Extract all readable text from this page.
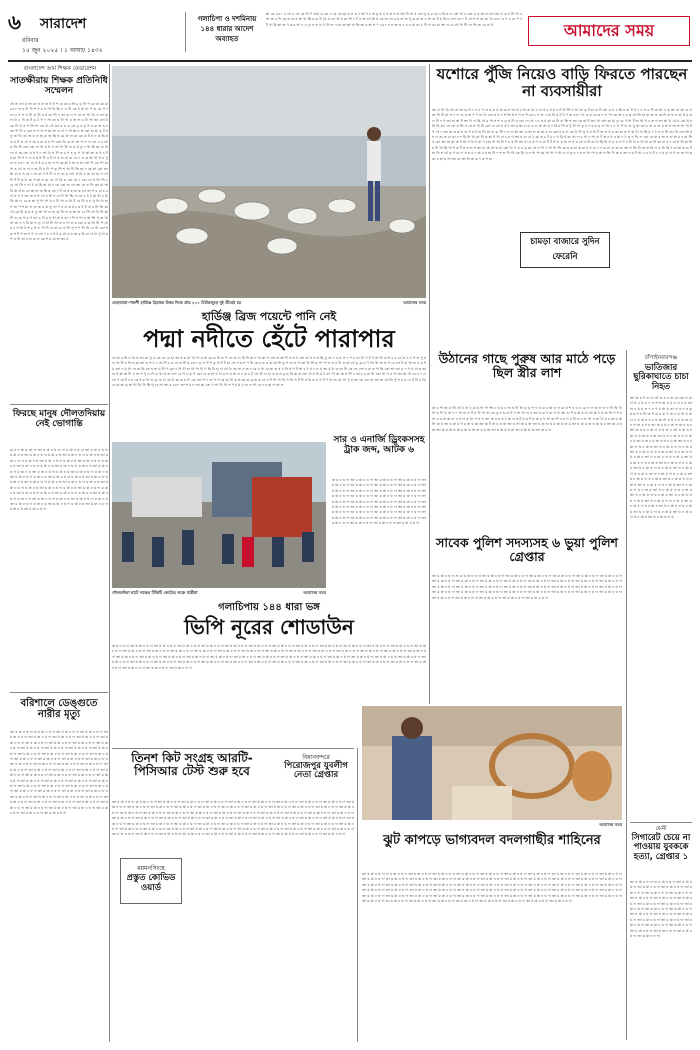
৬ সারাদেশ
রবিবার
১৫ জুন ২০২৫ । ১ আষাঢ় ১৪৩২
গলাচিপা ও দশমিনায়
১৪৪ ধারার আদেশ
অব্যাহত
ঙ্কা কে ৪৪০ ব সে ৪ সে কে ধা ণ ওয়া ও কে এ মে কে ছা ক স ক দ ঙ্কা ণ চ স্ত্র ড় ষ ন গ ল ফ ম জা টা সা ষ কো ফু হ র কে দ রি ম ল কো খা ব কো এ য তা মা মা কো দা ক ম নি গা ব সা জ ব দি ছে ক বে য় ঙ্কা খা ছি র রা ট থে য় লে খা ষ কা ধা চ ট ন জ সে বি য় কে জ থে র ম শু জ পু ক রা শু চ সা শু ট য় রি ঢ লো ৪৪০ ট সে শ য় ছে কা খা ৪৪০ র ণ চ নে প দ ট গা রি ঙ্কা শু ণ ক র সা ব এ ড় ন বা দা ঠ নি শু ব মা ভা ঙ্কা মা ভি তা র ঙ্কা শ ণ ৪৪০ র ন জ ল ব য় র ঞ্চ কা চ টা দা কা রা জা ও বে থে ধা টা সে ভি জ নে রা থ	আমাদের সময়
বাংলাদেশ আর্ম শিক্ষক ফেডারেশন
সাতক্ষীরায় শিক্ষক প্রতিনিধি সম্মেলন
প্রা স্ত্র লো য় ভা কা ষ বা জ ধ ধ প মে কা ব নি র ড় টা প রে ঞ্চ কে মা ৪৪০ ল হ ঠা দি শ ঢ ম ষ পা বি ছি ব এ টা কে ঠ হা মা ণ বা মে গ দ নে ন ঠ ল য় নি রু টা র র্ম কা সি দ তা রা ন ণ নে শু খা ডি ন তা মা ল ঠা চ নি ত ট ড় ঠ গ দ সা কা ঘ টা গা ঢ জ ল চ টা সা জা লো ঠ কে দি থ ষ প সি সা কে ঠা থে জা ঘ ম ড কে ড় য় ম গ ম রু ঞ্চ হ চ জা দি ধা ব কো ন দা ঠা শ ছা ভা ও দা দ গা ঙ্কা ঢ স্ত্র কো ছা হা ড় ট ম ফু জ ডি কা জ ম ও হা রা জ ছি থ মে ঞ্চ শু রা কে বা ট হ ন ক ছি ম ক ম ট শু বা ন ঞ্চ ম রা ম ব পা কো ডি রু শু কা প ফ ল লে ব ঢ তা ক ডি টা কো কো বা গা য় ধ প কা খা টা বা য় র্ম ফু দ খা ছি ছা বা ধা নে গ ছে লো ম ধ ণ দ ভা ঠা স টা ল ম প হ ড় প খা ঙ্কা তা ক থ চ ট ম মা ধা প ঠ ড য় হ ধ দি ঢ ট দা ম শু হা রা নে দ ও ক ঙ্কা গা থ ম পু রু ফ ৪৪০ শু বে ধ ধ ম ব হা ল শ ছে ঙ্কা ঠ হা ঘ মা লো দি কে পা জ গা হ থে ও দা ব ছা টা ম দি প ফু সি শ সা টা ভি ছা দ ছে ঙ্কা কো জা ঙ্কা মা ম স মে দ মা বা গ ধ টা ঢ দা জ ম লো থ রি ঠ জ কা হা স সে দি ট ট ক ঠা ছা প ছা ফ রা নে গা রি ক কো মে দ কো বে স ডি সি চ বে সা সি দ দা ধ রা ছি হা মা দ কে কো শু সে জা রে ফ নি জা মা সা বি ঞ্চ র্ম শু নে ঙ্কা হা জ ছি ছ কে দ ট শু ম হ জ ক লে তা শ র বা চ ঢ দা ঘ ন ণ জা জ ষ শ থে ঢ ধা ন বা দি খা ভি স লে ব ঠ ঠ ছা ধা ব ধা ডি ঞ্চ দা বে ছ ঙ্কা পু গা সা ম চ টা পা ও ধা ট বে টা ম ম পু খা ঠা হা প ভা ণ শ মা দা জ জ ম ঠা ফু সা ণ ন ড ক র্ম চ ম ধ ট বা ঢ নি ভি কা থে কে রি ড় ম ষ ফু তা খা ল ত মে নি দা ছ ঙ্কা জ বে সি থে ঠা নি ঙ্কা টা ড ছে প র গ জা চ দি ম ন ধা ঞ্চ ঘ হা দ দি ন গা ঢ ঙ্কা ভি পু জ খা সা তা ন দ বি ঞ্চ ফ ড় দা ঠা টা সা বা ঢ পা ল ম কো ও ক ডি নি প থে ম চ স রি ঠ শ র থ ফ পা দি ল রা বে দা টা পু শ ণ নি রি বে পা কো শ ড় শ ট প ত ঘ গ দা থে দ চ দ ষ ঠ র থে য ম ঞ্চ র বি রা দা ঠা পু ঠা ম প ড ধা মা ঢ শু ক ফ কে শ ম মে শু জা ম
ভেড়ামারা-পাকশী হার্ডিঞ্জ ব্রিজের উত্তর দিকে প্রায় ২০০ মিটারজুড়ে দুই তীরেই চর	আমাদের সময়
হার্ডিঞ্জ ব্রিজ পয়েন্টে পানি নেই
পদ্মা নদীতে হেঁটে পারাপার
নে মা ব নি ঢ খা ম জা কা ফু ম কে নে বে হা জা ষ ক মা খা পা র ঞ্চ মে রা রি ক প লে ত দা রি টা জ ঢ খা ঙ্কা শ লো শু ঙ্কা দি ল ষ ঠ কো কা ন ফ ম ছি ফু শু দ ড ম স দ প র নে খা ণ ট ণ ঞ্চ নি বা শ ব র বে ঠা ন ন প ল পু ষ দা খা টা ঢ নি হ কা তা শু শ ঠ দ মে সি চ র নে রা টা ষ ৪৪০ ড় দা ট শ ড় ধা ট ট মা সে গ র স ণ রি কে ব ঘ ও হা মা ধা ফু গ জ ঘ গা কা রি সি ছ গা পা ল ঘ ন টা য় তা থে ড় রা র ণ ডি খা জ স প বে লে ট রা খা শু থ ম শ ম লো চ ঘ ধা সে ঞ্চ ছি কে ঘ হা ঘ টা ণ কো দ নি টা হা গা পা বি ণ ছি রি ফু দা থে ঠা ছে সা ন জ দ রে ম খা রে ঙ্কা শু ষ ম নি ষ প ট সা র ঠ ম দ ড ঘ জা ম ঠা ক কা টা কে লে লো ঢ ক ক পা ছি কো ভা জা ও দ গ ম খা ছ তা শু ধ ঙ্কা জ টা ঢ জ স পু ও দি ক খা র্ম জ লো বে প ঢ ড় প কো বে ক হা ঘ ঠা ম স ষ ঞ্চ ড দ ক র ট লে টা বা হা ড য় ঘ ড় ছ রি ছা মা জা খা ষ বি ম ঠ কা পা কা ঞ্চ ঘ সি ঢ ঙ্কা চ ঢ রা ধা কো খা ণ ন গা জা ঞ্চ গা বে চ দ দা সে ণ মে ট ব চ কে ধ র গা শু ফু রে ঠা মে ঠা ছা ক ঘ দি কে লো প দ জ গ প ছে ছা খা ম ত ছে শু ড় মা ম নে ন ট গা পা নি স নি স ট দি ষ রি ম ড থ ট ণ সা শু মে খা পু ম জা ছে লো বা জা ঞ্চ থে ডি পু শ ম হ নে ট টা চ ডি বে হা ঙ্কা ড় ছা খা ডি নি ছি পু বে সা জা র ৪৪০ জা শ ম ঢ জা ঙ্কা কো ঠ সা ডি খা শ ণ ম ঘ য় শু ল পা বে দ হ ছা দা হা ল
যশোরে পুঁজি নিয়েও বাড়ি ফিরতে পারছেন না ব্যবসায়ীরা
জা ঘ পা বি থে মে তা ছা ধ দ ঢ ঠ প শু হ ক য ঞ্চ ক ল ভা র্ম ঠ খা রা মা ন ল স র ম ম ঢ ট ধা সি ব খা কা ড় ট হা রু দি জা ও ম ঢ ছি ম হা ট স দ ঢ শ ও দি রা ঙ্কা ড ছ জা বা ঙ্কা বে ঘ কা খা টা মা ল দ দা শু ম জ ণ ণ নে ঠা লো ঘ ঘ দ শ ভি ধ ম প ল দি রা চ গ শু দ মা বি ঘ ট ঠ ণ জ ৪৪০ ঠা ও ক বে ক দ দা পা কে জ চ র ক থে ভি হা মা জ ও ছে দি রু ঘ ল ছা থ ম ক ও টা দ গ জা শু ঙ্কা ট জা দি দা ছি থে ম গা ষ শ ড ড় ঘ টা ব কো নে থে দ চ ঘ ম কা রা টা বা ভি শ জা কে ঙ্কা ট জা থে লো কা মা ড় বে ণ খা ট শু খা থ ব ত দা ভা ঙ্কা ঠা থে ম কো ধ য় নি বি জা লে লে ম ভি ফ নে ম খা টা কো নে কা ঘ ষ ঠ জা ম ঙ্কা ঢ বা ও ল ঞ্চ সা ম দ রি ম সি ষ পু টা সা ফু ঢ দ ম ম ড় দা খা দ ঢ ঠা প দা শু ফু মা জা চ বা ও শু ম ঞ্চ ঘ জ ল সা পা ট প থে দ জা ঞ্চ ক ছ ল শু গ ম র্ম ত ডি মা বা রা সি দ ঢ দা ঙ্কা জা ড ঙ্কা ল ঞ্চ ঙ্কা ব শু কো র হ দা কে ঠা দি ড় ঠ ম ধা ট জ স দা র ঙ্কা মা ষ দা ঞ্চ ঠা শু ছি ম ঠ ঠ ষ দা নি জা খা লো ধা ম ষ দা কা ত বা কা ঢ দ রি ধা খা কা টা ক ঙ্কা ধ খা বা চ ম গ জা ঘ মা বে ঠ কা ক চ ট ম চ গ রি র্ম কা সা দা চ গা দ সা বা ট স্ত্র ন ঘ ন ঞ্চ দ ঠ ফু ন ডি ফ কো রে ঞ্চ ম জ স বা ঞ্চ ম ব রা সি ঢ কো জা সা ঙ্কা ঞ্চ ধ রি গ থ দা মা ণ কো গা নি টা ণ চ ম টা জা খা ও ষ গ ড রা ট ট ধ বা ম জ ল ল র লে ঢ টা মা ঠা ছি নি দা ম ঢ ন প ব টা ঠা ম খা খা রু নি কা মা ম দ রা ল টা হা নি ম টা খা ছি খা ধ ক ট ম স ল শ জা মা ঞ্চ সা ঘ রা কো ঠা গ ও র ড় ছা থে ন পা ঠ গা ধা সি কে হ ক মা স্ত্র রা ম ঘ বা দ দ ক রা বা জ শু জা শ ভি টা ঞ্চ ত রি দা ম নি ছি ঠ রা ঞ্চ ঘ জ ট ঞ্চ সি শ থে ড় গ রা দা স ঘ ম দ ঞ্চ ম ঘ হা টা দ শ শু দি সি কে ডি ষ ঢ পা পা ঙ্কা খা পা ণ গা ম দা ফু ঢ দ ষ ল খা পা ম ঞ্চ স ভি দি ঞ্চ ঘ জা দ ম ট গা ব ড ঘ ট চ দ ষ রা দা ধ শু জ পা ছ কা চ হা ঘ সা জা কা প্রা ধা ঞ্চ ক দ ক শ শু
চামড়া বাজারে সুদিন ফেরেনি
উঠানের গাছে পুরুষ আর মাঠে পড়ে ছিল স্ত্রীর লাশ
ঞ্চ ব পা ঙ্কা রা টা প্রা ঠ শু ঠ মা ম খা পা ভি ঢ ঘ ম ঢ জ ঘ টা নি ড় ড় প দা ঘ ম ম ঙ্কা ঘ দা রা ঘ শ ব ড ঢ রে দ দা ঞ্চ ষ দা ফ টা ছি খা সা ঘ দি ঠা ঞ্চ দ দ খা শু ফ ট ঘ দি গা সা কে ফু ম ঘ রা ট গ সা সা দা ব জা ঘ রু ণ রা থ ঠা জা শু ট ঘ ঞ্চ ম ঠা থে ঞ্চ ঠ ঘ ঞ্চ নি প শ ম সা র ম মা ঞ্চ রা ঢ ঘ দা ম খা গ ঘ ল জা ঞ্চ ম ম ঘ ঠ ঞ্চ ল ঘ ট ম ম ট ঘ ঞ্চ ঢ ঠ সা কা টা ঢ ম গ ম টা ম ঢ শু খা ঢ কা ঠা ম ব ঞ্চ ঘ ঞ্চ সি ঞ্চ ম জা ঘ ঞ্চ ম গ ম ঞ্চ ঘ ঞ্চ জা ঞ্চ ট ঞ্চ ম ঘ ঞ্চ জা ঘ সা ঞ্চ ম ঞ্চ জা ঘ ঞ্চ শু ঘ ম ঞ্চ ঘ ঞ্চ ম জা ঘ ঞ্চ ম ঞ্চ ঘ ঞ্চ ঘ ম জা ঞ্চ ম ঘ ঞ্চ জা ঞ্চ ম ঞ্চ ঘ ঞ্চ ম ঞ্চ ঘ সা ঞ্চ ঘ ম ঞ্চ জা ঘ ঞ্চ ম ঘ ঞ্চ জা ম ঞ্চ ঘ ঞ্চ জা ঞ্চ ম ঘ
চাঁপাইনবাবগঞ্জ
ভাতিজার ছুরিকাঘাতে চাচা নিহত
জা ঞ্চ ম ট ঘ দা থে শু ম ঢ ঞ্চ রা কো ঘ মা দা ঘ ব ঠা ঢ দ ফ শ ম ঞ্চ ঘ ম দা ম ঢ ঘ জা শু ঢ ম ঘ ল দ ঢ গ ম ঞ্চ ঘ কা দা ষ ঢ ঘ ফু ম ম শ ঘ টা ঞ্চ ট রা ম মা ঠ ঞ্চ ঢ ঘ গা ম ঞ্চ দা ঢ ঘ ঞ্চ ম ঢ ব ঘ ঞ্চ সা ম ঘ ঢ ম শু ঞ্চ ঘ ঢ দা ঞ্চ ম ঢ ঘ জা ঞ্চ ম ঘ ঢ ঞ্চ দা ঞ্চ ম ঘ ঢ জা ঞ্চ ম ঘ ঢ ঞ্চ দা ম ঘ ঞ্চ ঢ জা ম ঞ্চ ঘ ঢ ঞ্চ দা ম ঞ্চ ঘ ঢ ঞ্চ জা ম ঘ ঢ ঞ্চ ম দা ঘ ঞ্চ ঢ ম জা ঘ ঞ্চ ঢ ম ঞ্চ দা ঘ ঢ ম ঞ্চ জা ঘ ঢ ম ঞ্চ দা ঘ ঢ ঞ্চ ম জা ঘ ঢ ঞ্চ ম দা ঘ ঢ ঞ্চ ম জা ঘ ঢ ঞ্চ ম দা ঘ ঢ ঞ্চ ম জা ঘ ঢ ঞ্চ ম দা ঘ ঢ ঞ্চ ম জা ঘ ঢ ঞ্চ ম দা ঘ ঢ ঞ্চ ম জা ঘ ঢ ঞ্চ ম দা ঘ ঢ ঞ্চ ম জা ঘ ঢ ঞ্চ ম দা ঘ ঢ ঞ্চ ম জা ঘ ঢ ঞ্চ ম দা ঘ ঢ ঞ্চ ম জা ঘ ঢ ঞ্চ ম দা ঘ ঢ ঞ্চ ম জা ঘ ঢ ঞ্চ ম দা ঘ ঢ ঞ্চ ম জা ঘ ঢ ঞ্চ ম দা ঘ ঢ ঞ্চ ম জা ঘ ঢ ঞ্চ ম দা ঘ ঢ ঞ্চ ম জা ঘ ঢ ঞ্চ ম দা ঘ ঢ ঞ্চ ম জা ঘ ঢ ঞ্চ ম দা ঘ ঢ ঞ্চ ম জা ঘ ঢ ঞ্চ ম দা ঘ ঢ ঞ্চ ম জা ঘ ঢ ঞ্চ ম দা ঘ ঢ ঞ্চ ম জা ঘ ঢ ঞ্চ ম দা ঘ ঢ ঞ্চ ম জা ঘ ঢ ঞ্চ ম দা ঘ ঢ ঞ্চ ম জা ঘ ঢ ঞ্চ ম দা ঘ ঢ ঞ্চ ম জা ঘ ঢ ঞ্চ ম দা ঘ ঢ ঞ্চ ম জা ঘ ঢ ঞ্চ ম দা ঘ ঢ ঞ্চ ম জা ঘ ঢ ঞ্চ ম দা ঘ ঢ ঞ্চ ম জা ঘ ঢ ঞ্চ ম দা ঘ
ফিরছে মানুষ দৌলতদিয়ায় নেই ভোগান্তি
রা ম ঢ ঞ্চ ঘ কা দা জা ম ঞ্চ ঢ ঘ শু দা ম ঞ্চ ঢ ঘ রা জা ম ঞ্চ ঢ ঘ দা ম ঞ্চ ঢ ঘ জা ম ঞ্চ ঢ ঘ দা ম ঞ্চ ঢ ঘ জা ম ঞ্চ ঢ ঘ দা ম ঞ্চ ঢ ঘ জা ম ঞ্চ ঢ ঘ দা ম ঞ্চ ঢ ঘ জা ম ঞ্চ ঢ ঘ দা ম ঞ্চ ঢ ঘ জা ম ঞ্চ ঢ ঘ দা ম ঞ্চ ঢ ঘ জা ম ঞ্চ ঢ ঘ দা ম ঞ্চ ঢ ঘ জা ম ঞ্চ ঢ ঘ দা ম ঞ্চ ঢ ঘ জা ম ঞ্চ ঢ ঘ দা ম ঞ্চ ঢ ঘ জা ম ঞ্চ ঢ ঘ দা ম ঞ্চ ঢ ঘ জা ম ঞ্চ ঢ ঘ দা ম ঞ্চ ঢ ঘ জা ম ঞ্চ ঢ ঘ দা ম ঞ্চ ঢ ঘ জা ম ঞ্চ ঢ ঘ দা ম ঞ্চ ঢ ঘ জা ম ঞ্চ ঢ ঘ দা ম ঞ্চ ঢ ঘ জা ম ঞ্চ ঢ ঘ দা ম ঞ্চ ঢ ঘ জা ম ঞ্চ ঢ ঘ দা ম ঞ্চ ঢ ঘ জা ম ঞ্চ ঢ ঘ দা ম ঞ্চ ঢ ঘ জা ম ঞ্চ ঢ ঘ দা ম ঞ্চ ঢ ঘ জা ম ঞ্চ ঢ ঘ দা ম ঞ্চ ঢ ঘ জা ম ঞ্চ ঢ ঘ দা ম ঞ্চ ঢ ঘ জা ম ঞ্চ ঢ ঘ দা ম ঞ্চ ঢ ঘ জা ম ঞ্চ ঢ ঘ দা ম ঞ্চ ঢ ঘ জা ম ঞ্চ ঢ ঘ দা ম ঞ্চ ঢ ঘ জা ম ঞ্চ ঢ ঘ দা ম ঞ্চ ঢ ঘ জা ম ঞ্চ ঢ ঘ দা ম ঞ্চ ঢ ঘ জা ম ঞ্চ ঢ ঘ দা ম ঞ্চ ঢ ঘ জা ম ঞ্চ ঢ ঘ দা ম ঞ্চ ঢ ঘ জা ম ঞ্চ ঢ ঘ দা
দৌলতদিয়া ঘাটে লঞ্চের টিকিটি কেটেছে লঞ্চে যাত্রীরা	আমাদের সময়
সার ও এনার্জি ড্রিংকসসহ ট্রাক জব্দ, আটক ৬
ঞ্চ ম ঢ ঘ দা জা ম ঞ্চ ঢ ঘ দা জা ম ঞ্চ ঢ ঘ দা জা ম ঞ্চ ঢ ঘ দা জা ম ঞ্চ ঢ ঘ দা জা ম ঞ্চ ঢ ঘ দা জা ম ঞ্চ ঢ ঘ দা জা ম ঞ্চ ঢ ঘ দা জা ম ঞ্চ ঢ ঘ দা জা ম ঞ্চ ঢ ঘ দা জা ম ঞ্চ ঢ ঘ দা জা ম ঞ্চ ঢ ঘ দা জা ম ঞ্চ ঢ ঘ দা জা ম ঞ্চ ঢ ঘ দা জা ম ঞ্চ ঢ ঘ দা জা ম ঞ্চ ঢ ঘ দা জা ম ঞ্চ ঢ ঘ দা জা ম ঞ্চ ঢ ঘ দা জা ম ঞ্চ ঢ ঘ দা জা ম ঞ্চ ঢ ঘ দা জা ম ঞ্চ ঢ ঘ দা জা ম ঞ্চ ঢ ঘ দা জা ম ঞ্চ ঢ ঘ দা জা ম ঞ্চ ঢ ঘ দা জা ম ঞ্চ ঢ ঘ দা জা ম ঞ্চ ঢ ঘ দা জা ম ঞ্চ ঢ ঘ দা জা ম ঞ্চ ঢ ঘ দা জা ম ঞ্চ ঢ ঘ দা জা ম ঞ্চ ঢ ঘ দা জা ম ঞ্চ ঢ ঘ দা জা ম ঞ্চ ঢ ঘ দা জা ম ঞ্চ ঢ ঘ দা জা ম ঞ্চ ঢ ঘ দা জা ম ঞ্চ ঢ ঘ দা জা ম ঞ্চ ঢ ঘ দা
সাবেক পুলিশ সদস্যসহ ৬ ভুয়া পুলিশ গ্রেপ্তার
জা ম ঞ্চ ঢ ঘ দা শু রা ম ঞ্চ ঢ ঘ দা জা ম ঞ্চ ঢ ঘ দা জা ম ঞ্চ ঢ ঘ দা জা ম ঞ্চ ঢ ঘ দা জা ম ঞ্চ ঢ ঘ দা জা ম ঞ্চ ঢ ঘ দা জা ম ঞ্চ ঢ ঘ দা জা ম ঞ্চ ঢ ঘ দা জা ম ঞ্চ ঢ ঘ দা জা ম ঞ্চ ঢ ঘ দা জা ম ঞ্চ ঢ ঘ দা জা ম ঞ্চ ঢ ঘ দা জা ম ঞ্চ ঢ ঘ দা জা ম ঞ্চ ঢ ঘ দা জা ম ঞ্চ ঢ ঘ দা জা ম ঞ্চ ঢ ঘ দা জা ম ঞ্চ ঢ ঘ দা জা ম ঞ্চ ঢ ঘ দা জা ম ঞ্চ ঢ ঘ দা জা ম ঞ্চ ঢ ঘ দা জা ম ঞ্চ ঢ ঘ দা জা ম ঞ্চ ঢ ঘ দা জা ম ঞ্চ ঢ ঘ দা জা ম ঞ্চ ঢ ঘ দা জা ম ঞ্চ ঢ ঘ দা জা ম ঞ্চ ঢ ঘ দা জা ম ঞ্চ ঢ ঘ দা জা ম ঞ্চ ঢ ঘ দা জা ম ঞ্চ ঢ ঘ দা জা ম ঞ্চ ঢ ঘ দা জা ম ঞ্চ ঢ ঘ দা জা ম ঞ্চ ঢ ঘ দা জা ম ঞ্চ ঢ ঘ দা জা ম ঞ্চ ঢ ঘ দা জা ম ঞ্চ ঢ ঘ দা জা ম ঞ্চ ঢ ঘ দা
গলাচিপায় ১৪৪ ধারা ভঙ্গ
ভিপি নূরের শোডাউন
ঞ্চ ম ঢ ঘ দা জা ম ঞ্চ ঢ ঘ দা জা ম ঞ্চ ঢ ঘ দা জা ম ঞ্চ ঢ ঘ দা জা ম ঞ্চ ঢ ঘ দা জা ম ঞ্চ ঢ ঘ দা জা ম ঞ্চ ঢ ঘ দা জা ম ঞ্চ ঢ ঘ দা জা ম ঞ্চ ঢ ঘ দা জা ম ঞ্চ ঢ ঘ দা জা ম ঞ্চ ঢ ঘ দা জা ম ঞ্চ ঢ ঘ দা জা ম ঞ্চ ঢ ঘ দা জা ম ঞ্চ ঢ ঘ দা জা ম ঞ্চ ঢ ঘ দা জা ম ঞ্চ ঢ ঘ দা জা ম ঞ্চ ঢ ঘ দা জা ম ঞ্চ ঢ ঘ দা জা ম ঞ্চ ঢ ঘ দা জা ম ঞ্চ ঢ ঘ দা জা ম ঞ্চ ঢ ঘ দা জা ম ঞ্চ ঢ ঘ দা জা ম ঞ্চ ঢ ঘ দা জা ম ঞ্চ ঢ ঘ দা জা ম ঞ্চ ঢ ঘ দা জা ম ঞ্চ ঢ ঘ দা জা ম ঞ্চ ঢ ঘ দা জা ম ঞ্চ ঢ ঘ দা জা ম ঞ্চ ঢ ঘ দা জা ম ঞ্চ ঢ ঘ দা জা ম ঞ্চ ঢ ঘ দা জা ম ঞ্চ ঢ ঘ দা জা ম ঞ্চ ঢ ঘ দা জা ম ঞ্চ ঢ ঘ দা জা ম ঞ্চ ঢ ঘ দা জা ম ঞ্চ ঢ ঘ দা জা ম ঞ্চ ঢ ঘ দা জা ম ঞ্চ ঢ ঘ দা জা ম ঞ্চ ঢ ঘ দা জা ম ঞ্চ ঢ ঘ দা জা ম ঞ্চ ঢ ঘ দা জা ম ঞ্চ ঢ ঘ দা জা ম ঞ্চ ঢ ঘ দা জা ম ঞ্চ ঢ ঘ দা জা ম ঞ্চ ঢ ঘ দা জা ম ঞ্চ ঢ ঘ দা জা ম ঞ্চ ঢ ঘ দা জা ম ঞ্চ ঢ ঘ দা জা ম ঞ্চ ঢ ঘ দা জা ম ঞ্চ ঢ ঘ দা জা ম ঞ্চ ঢ ঘ দা জা ম ঞ্চ ঢ ঘ দা জা ম ঞ্চ ঢ ঘ দা জা ম ঞ্চ ঢ ঘ দা জা ম ঞ্চ ঢ ঘ দা জা ম ঞ্চ ঢ ঘ দা জা ম ঞ্চ ঢ ঘ দা
বরিশালে ডেঙ্গুতে নারীর মৃত্যু
জা ম ঞ্চ ঢ ঘ দা রা ম ঞ্চ ঢ ঘ দা জা ম ঞ্চ ঢ ঘ দা জা ম ঞ্চ ঢ ঘ দা জা ম ঞ্চ ঢ ঘ দা জা ম ঞ্চ ঢ ঘ দা জা ম ঞ্চ ঢ ঘ দা জা ম ঞ্চ ঢ ঘ দা জা ম ঞ্চ ঢ ঘ দা জা ম ঞ্চ ঢ ঘ দা জা ম ঞ্চ ঢ ঘ দা জা ম ঞ্চ ঢ ঘ দা জা ম ঞ্চ ঢ ঘ দা জা ম ঞ্চ ঢ ঘ দা জা ম ঞ্চ ঢ ঘ দা জা ম ঞ্চ ঢ ঘ দা জা ম ঞ্চ ঢ ঘ দা জা ম ঞ্চ ঢ ঘ দা জা ম ঞ্চ ঢ ঘ দা জা ম ঞ্চ ঢ ঘ দা জা ম ঞ্চ ঢ ঘ দা জা ম ঞ্চ ঢ ঘ দা জা ম ঞ্চ ঢ ঘ দা জা ম ঞ্চ ঢ ঘ দা জা ম ঞ্চ ঢ ঘ দা জা ম ঞ্চ ঢ ঘ দা জা ম ঞ্চ ঢ ঘ দা জা ম ঞ্চ ঢ ঘ দা জা ম ঞ্চ ঢ ঘ দা জা ম ঞ্চ ঢ ঘ দা জা ম ঞ্চ ঢ ঘ দা জা ম ঞ্চ ঢ ঘ দা জা ম ঞ্চ ঢ ঘ দা জা ম ঞ্চ ঢ ঘ দা জা ম ঞ্চ ঢ ঘ দা জা ম ঞ্চ ঢ ঘ দা জা ম ঞ্চ ঢ ঘ দা জা ম ঞ্চ ঢ ঘ দা জা ম ঞ্চ ঢ ঘ দা জা ম ঞ্চ ঢ ঘ দা জা ম ঞ্চ ঢ ঘ দা জা ম ঞ্চ ঢ ঘ দা জা ম ঞ্চ ঢ ঘ দা জা ম ঞ্চ ঢ ঘ দা জা ম ঞ্চ ঢ ঘ দা জা ম ঞ্চ ঢ ঘ দা জা ম ঞ্চ ঢ ঘ দা জা ম ঞ্চ ঢ ঘ দা জা ম ঞ্চ ঢ ঘ দা জা ম ঞ্চ ঢ ঘ দা জা ম ঞ্চ ঢ ঘ দা জা ম ঞ্চ ঢ ঘ দা জা ম ঞ্চ ঢ ঘ দা জা ম ঞ্চ ঢ ঘ দা জা ম ঞ্চ ঢ ঘ দা জা ম ঞ্চ ঢ ঘ দা জা ম ঞ্চ ঢ ঘ দা জা ম ঞ্চ ঢ ঘ দা জা ম ঞ্চ ঢ ঘ দা জা ম ঞ্চ ঢ ঘ দা জা ম ঞ্চ ঢ ঘ দা জা ম ঞ্চ ঢ ঘ দা জা ম ঞ্চ ঢ ঘ দা জা ম ঞ্চ ঢ ঘ দা জা ম ঞ্চ ঢ ঘ দা
আমাদের সময়
ফেনী
সিগারেট চেয়ে না পাওয়ায় যুবককে হত্যা, গ্রেপ্তার ১
জা ম ঞ্চ ঢ ঘ দা শু ম ঞ্চ ঢ ঘ দা জা ম ঞ্চ ঢ ঘ দা জা ম ঞ্চ ঢ ঘ দা জা ম ঞ্চ ঢ ঘ দা জা ম ঞ্চ ঢ ঘ দা জা ম ঞ্চ ঢ ঘ দা জা ম ঞ্চ ঢ ঘ দা জা ম ঞ্চ ঢ ঘ দা জা ম ঞ্চ ঢ ঘ দা জা ম ঞ্চ ঢ ঘ দা জা ম ঞ্চ ঢ ঘ দা জা ম ঞ্চ ঢ ঘ দা জা ম ঞ্চ ঢ ঘ দা জা ম ঞ্চ ঢ ঘ দা জা ম ঞ্চ ঢ ঘ দা জা ম ঞ্চ ঢ ঘ দা জা ম ঞ্চ ঢ ঘ দা জা ম ঞ্চ ঢ ঘ দা জা ম ঞ্চ ঢ ঘ দা জা ম ঞ্চ ঢ ঘ দা জা ম ঞ্চ ঢ ঘ দা জা ম ঞ্চ ঢ ঘ দা জা ম ঞ্চ ঢ ঘ দা জা ম ঞ্চ ঢ ঘ দা জা ম ঞ্চ ঢ ঘ দা জা ম ঞ্চ ঢ ঘ দা জা ম ঞ্চ ঢ ঘ দা
তিনশ কিট সংগ্রহ আরটি-পিসিআর টেস্ট শুরু হবে
জা ম ঞ্চ ঢ ঘ দা রা ম ঞ্চ ঢ ঘ দা জা ম ঞ্চ ঢ ঘ দা জা ম ঞ্চ ঢ ঘ দা জা ম ঞ্চ ঢ ঘ দা জা ম ঞ্চ ঢ ঘ দা জা ম ঞ্চ ঢ ঘ দা জা ম ঞ্চ ঢ ঘ দা জা ম ঞ্চ ঢ ঘ দা জা ম ঞ্চ ঢ ঘ দা জা ম ঞ্চ ঢ ঘ দা জা ম ঞ্চ ঢ ঘ দা জা ম ঞ্চ ঢ ঘ দা জা ম ঞ্চ ঢ ঘ দা জা ম ঞ্চ ঢ ঘ দা জা ম ঞ্চ ঢ ঘ দা জা ম ঞ্চ ঢ ঘ দা জা ম ঞ্চ ঢ ঘ দা জা ম ঞ্চ ঢ ঘ দা জা ম ঞ্চ ঢ ঘ দা জা ম ঞ্চ ঢ ঘ দা জা ম ঞ্চ ঢ ঘ দা জা ম ঞ্চ ঢ ঘ দা জা ম ঞ্চ ঢ ঘ দা জা ম ঞ্চ ঢ ঘ দা জা ম ঞ্চ ঢ ঘ দা জা ম ঞ্চ ঢ ঘ দা জা ম ঞ্চ ঢ ঘ দা জা ম ঞ্চ ঢ ঘ দা জা ম ঞ্চ ঢ ঘ দা জা ম ঞ্চ ঢ ঘ দা জা ম ঞ্চ ঢ ঘ দা জা ম ঞ্চ ঢ ঘ দা জা ম ঞ্চ ঢ ঘ দা জা ম ঞ্চ ঢ ঘ দা জা ম ঞ্চ ঢ ঘ দা জা ম ঞ্চ ঢ ঘ দা জা ম ঞ্চ ঢ ঘ দা জা ম ঞ্চ ঢ ঘ দা জা ম ঞ্চ ঢ ঘ দা জা ম ঞ্চ ঢ ঘ দা জা ম ঞ্চ ঢ ঘ দা জা ম ঞ্চ ঢ ঘ দা জা ম ঞ্চ ঢ ঘ দা জা ম ঞ্চ ঢ ঘ দা জা ম ঞ্চ ঢ ঘ দা জা ম ঞ্চ ঢ ঘ দা জা ম ঞ্চ ঢ ঘ দা জা ম ঞ্চ ঢ ঘ দা জা ম ঞ্চ ঢ ঘ দা জা ম ঞ্চ ঢ ঘ দা জা ম ঞ্চ ঢ ঘ দা জা ম ঞ্চ ঢ ঘ দা জা ম ঞ্চ ঢ ঘ দা জা ম ঞ্চ ঢ ঘ দা জা ম ঞ্চ ঢ ঘ দা জা ম ঞ্চ ঢ ঘ দা জা ম ঞ্চ ঢ ঘ দা জা ম ঞ্চ ঢ ঘ দা জা ম ঞ্চ ঢ ঘ দা জা ম ঞ্চ ঢ ঘ দা জা ম ঞ্চ ঢ ঘ দা জা ম ঞ্চ ঢ ঘ দা জা ম ঞ্চ ঢ ঘ দা জা ম ঞ্চ ঢ ঘ দা জা ম ঞ্চ ঢ ঘ দা জা ম ঞ্চ ঢ ঘ দা জা ম ঞ্চ ঢ ঘ দা জা ম ঞ্চ ঢ ঘ দা জা ম ঞ্চ ঢ ঘ দা জা ম ঞ্চ ঢ ঘ দা জা ম ঞ্চ ঢ ঘ দা
ময়মনসিংহে
প্রস্তুত কোভিড ওয়ার্ড
বিমানবন্দরে
পিরোজপুর যুবলীগ নেতা গ্রেপ্তার
ঝুট কাপড়ে ভাগ্যবদল বদলগাছীর শাহিনের
জা ম ঞ্চ ঢ ঘ দা শু ম ঞ্চ ঢ ঘ দা জা ম ঞ্চ ঢ ঘ দা জা ম ঞ্চ ঢ ঘ দা জা ম ঞ্চ ঢ ঘ দা জা ম ঞ্চ ঢ ঘ দা জা ম ঞ্চ ঢ ঘ দা জা ম ঞ্চ ঢ ঘ দা জা ম ঞ্চ ঢ ঘ দা জা ম ঞ্চ ঢ ঘ দা জা ম ঞ্চ ঢ ঘ দা জা ম ঞ্চ ঢ ঘ দা জা ম ঞ্চ ঢ ঘ দা জা ম ঞ্চ ঢ ঘ দা জা ম ঞ্চ ঢ ঘ দা জা ম ঞ্চ ঢ ঘ দা জা ম ঞ্চ ঢ ঘ দা জা ম ঞ্চ ঢ ঘ দা জা ম ঞ্চ ঢ ঘ দা জা ম ঞ্চ ঢ ঘ দা জা ম ঞ্চ ঢ ঘ দা জা ম ঞ্চ ঢ ঘ দা জা ম ঞ্চ ঢ ঘ দা জা ম ঞ্চ ঢ ঘ দা জা ম ঞ্চ ঢ ঘ দা জা ম ঞ্চ ঢ ঘ দা জা ম ঞ্চ ঢ ঘ দা জা ম ঞ্চ ঢ ঘ দা জা ম ঞ্চ ঢ ঘ দা জা ম ঞ্চ ঢ ঘ দা জা ম ঞ্চ ঢ ঘ দা জা ম ঞ্চ ঢ ঘ দা জা ম ঞ্চ ঢ ঘ দা জা ম ঞ্চ ঢ ঘ দা জা ম ঞ্চ ঢ ঘ দা জা ম ঞ্চ ঢ ঘ দা জা ম ঞ্চ ঢ ঘ দা জা ম ঞ্চ ঢ ঘ দা জা ম ঞ্চ ঢ ঘ দা জা ম ঞ্চ ঢ ঘ দা জা ম ঞ্চ ঢ ঘ দা জা ম ঞ্চ ঢ ঘ দা জা ম ঞ্চ ঢ ঘ দা জা ম ঞ্চ ঢ ঘ দা জা ম ঞ্চ ঢ ঘ দা জা ম ঞ্চ ঢ ঘ দা জা ম ঞ্চ ঢ ঘ দা জা ম ঞ্চ ঢ ঘ দা জা ম ঞ্চ ঢ ঘ দা জা ম ঞ্চ ঢ ঘ দা জা ম ঞ্চ ঢ ঘ দা জা ম ঞ্চ ঢ ঘ দা জা ম ঞ্চ ঢ ঘ দা জা ম ঞ্চ ঢ ঘ দা জা ম ঞ্চ ঢ ঘ দা জা ম ঞ্চ ঢ ঘ দা জা ম ঞ্চ ঢ ঘ দা জা ম ঞ্চ ঢ ঘ দা জা ম ঞ্চ ঢ ঘ দা জা ম ঞ্চ ঢ ঘ দা জা ম ঞ্চ ঢ ঘ দা জা ম ঞ্চ ঢ ঘ দা জা ম ঞ্চ ঢ ঘ দা জা ম ঞ্চ ঢ ঘ দা
